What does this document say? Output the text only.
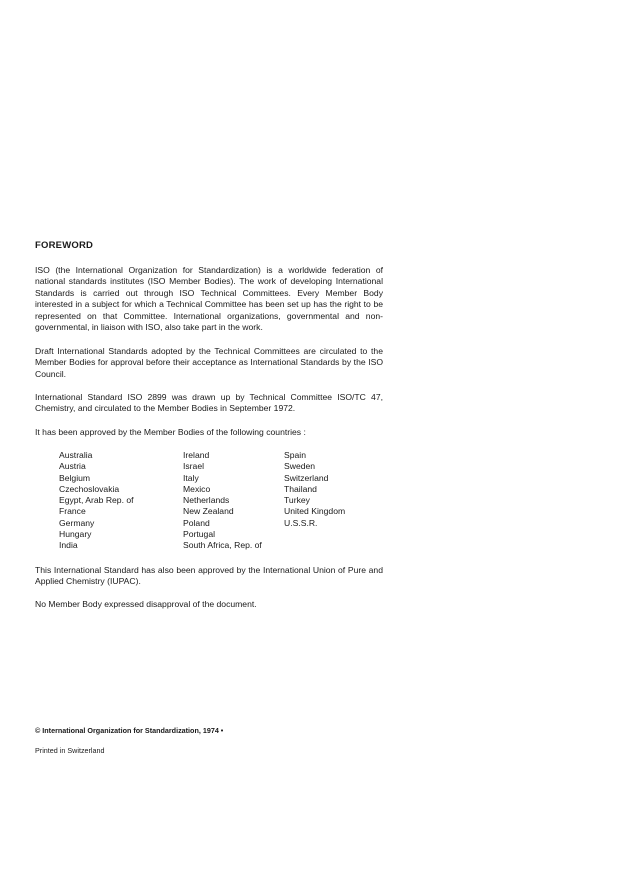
FOREWORD
ISO (the International Organization for Standardization) is a worldwide federation of national standards institutes (ISO Member Bodies). The work of developing International Standards is carried out through ISO Technical Committees. Every Member Body interested in a subject for which a Technical Committee has been set up has the right to be represented on that Committee. International organizations, governmental and non-governmental, in liaison with ISO, also take part in the work.
Draft International Standards adopted by the Technical Committees are circulated to the Member Bodies for approval before their acceptance as International Standards by the ISO Council.
International Standard ISO 2899 was drawn up by Technical Committee ISO/TC 47, Chemistry, and circulated to the Member Bodies in September 1972.
It has been approved by the Member Bodies of the following countries :
Australia
Austria
Belgium
Czechoslovakia
Egypt, Arab Rep. of
France
Germany
Hungary
India
Ireland
Israel
Italy
Mexico
Netherlands
New Zealand
Poland
Portugal
South Africa, Rep. of
Spain
Sweden
Switzerland
Thailand
Turkey
United Kingdom
U.S.S.R.
This International Standard has also been approved by the International Union of Pure and Applied Chemistry (IUPAC).
No Member Body expressed disapproval of the document.
© International Organization for Standardization, 1974 •
Printed in Switzerland
